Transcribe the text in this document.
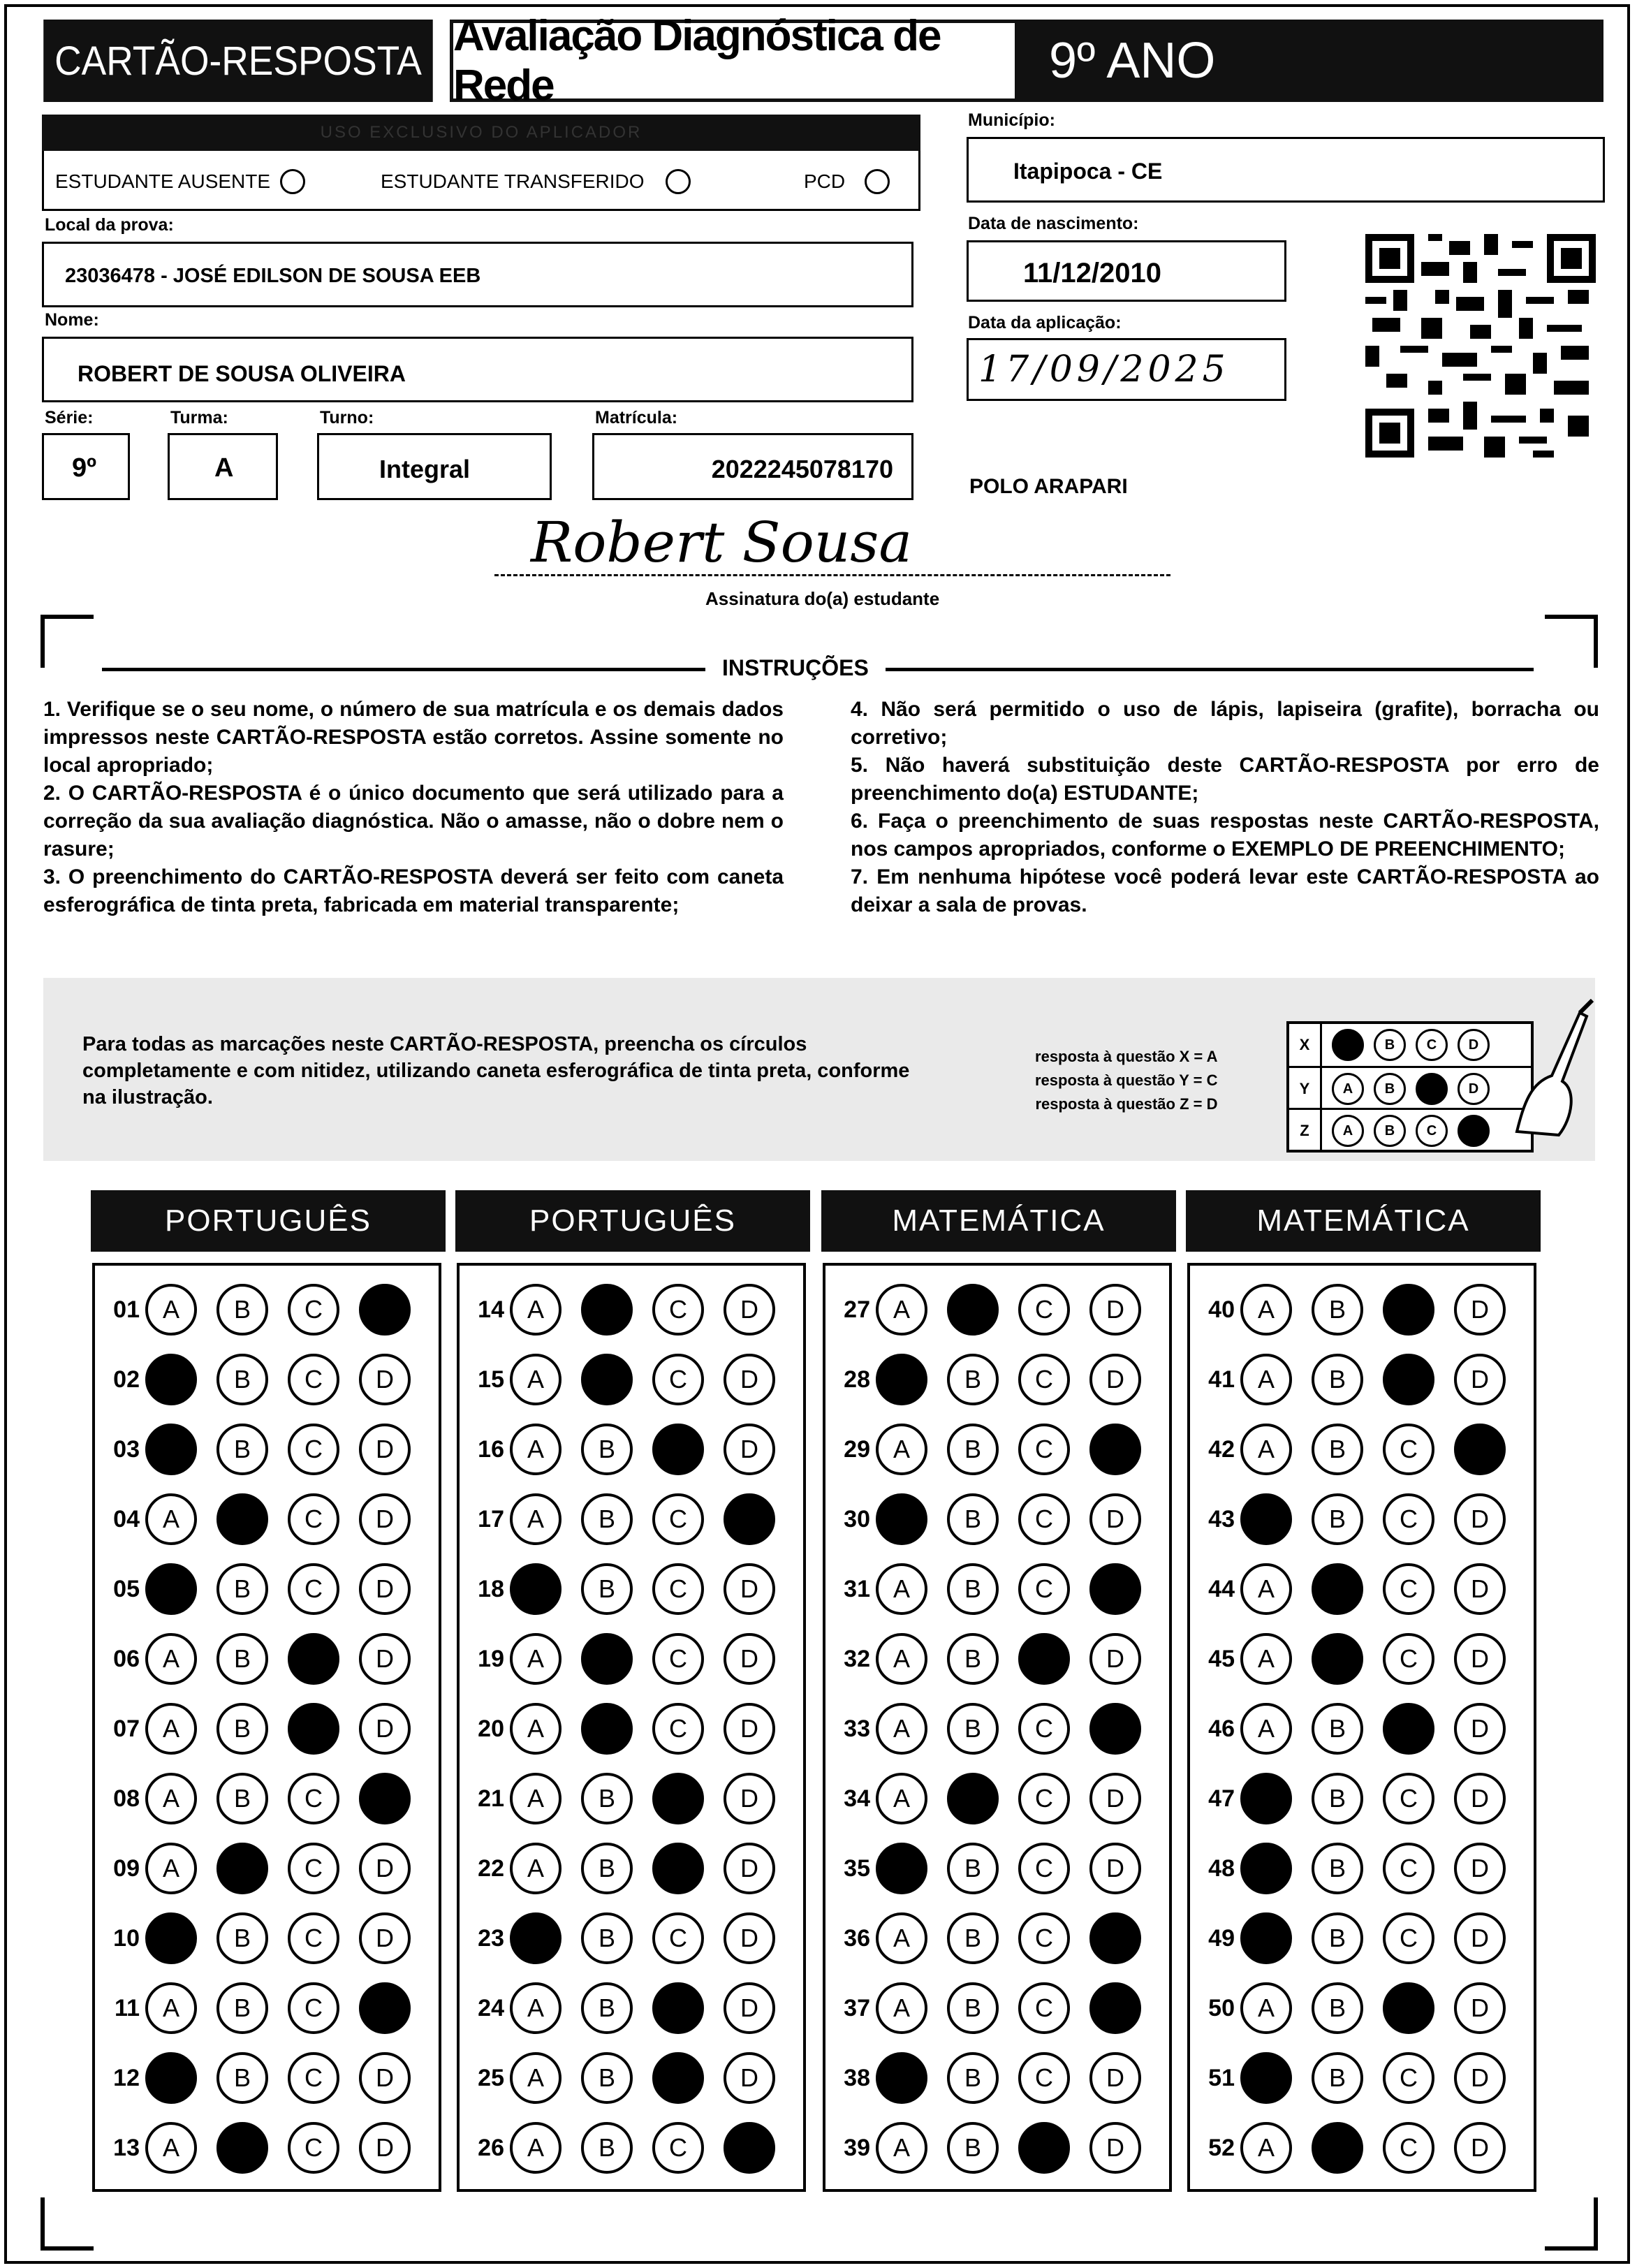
CARTÃO-RESPOSTA
Avaliação Diagnóstica de Rede	9º ANO
USO EXCLUSIVO DO APLICADOR
ESTUDANTE AUSENTE	ESTUDANTE TRANSFERIDO	PCD
Município:
Itapipoca - CE
Local da prova:
23036478 - JOSÉ EDILSON DE SOUSA EEB
Data de nascimento:
11/12/2010
Nome:
ROBERT DE SOUSA OLIVEIRA
Data da aplicação:
17/09/2025
Série:
9º
Turma:
A
Turno:
Integral
Matrícula:
2022245078170
POLO ARAPARI
Robert Sousa
Assinatura do(a) estudante
INSTRUÇÕES
1. Verifique se o seu nome, o número de sua matrícula e os demais dados impressos neste CARTÃO-RESPOSTA estão corretos. Assine somente no local apropriado;
2. O CARTÃO-RESPOSTA é o único documento que será utilizado para a correção da sua avaliação diagnóstica. Não o amasse, não o dobre nem o rasure;
3. O preenchimento do CARTÃO-RESPOSTA deverá ser feito com caneta esferográfica de tinta preta, fabricada em material transparente;
4. Não será permitido o uso de lápis, lapiseira (grafite), borracha ou corretivo;
5. Não haverá substituição deste CARTÃO-RESPOSTA por erro de preenchimento do(a) ESTUDANTE;
6. Faça o preenchimento de suas respostas neste CARTÃO-RESPOSTA, nos campos apropriados, conforme o EXEMPLO DE PREENCHIMENTO;
7. Em nenhuma hipótese você poderá levar este CARTÃO-RESPOSTA ao deixar a sala de provas.
Para todas as marcações neste CARTÃO-RESPOSTA, preencha os círculos completamente e com nitidez, utilizando caneta esferográfica de tinta preta, conforme na ilustração.
resposta à questão X = A
resposta à questão Y = C
resposta à questão Z = D
X	B	C	D
Y	A	B	D
Z	A	B	C
PORTUGUÊS
01 A	B	C
02	B	C	D
03	B	C	D
04 A	C	D
05	B	C	D
06 A	B	D
07 A	B	D
08 A	B	C
09 A	C	D
10	B	C	D
11 A	B	C
12	B	C	D
13 A	C	D
PORTUGUÊS
14 A	C	D
15 A	C	D
16 A	B	D
17 A	B	C
18	B	C	D
19 A	C	D
20 A	C	D
21 A	B	D
22 A	B	D
23	B	C	D
24 A	B	D
25 A	B	D
26 A	B	C
MATEMÁTICA
27 A	C	D
28	B	C	D
29 A	B	C
30	B	C	D
31 A	B	C
32 A	B	D
33 A	B	C
34 A	C	D
35	B	C	D
36 A	B	C
37 A	B	C
38	B	C	D
39 A	B	D
MATEMÁTICA
40 A	B	D
41 A	B	D
42 A	B	C
43	B	C	D
44 A	C	D
45 A	C	D
46 A	B	D
47	B	C	D
48	B	C	D
49	B	C	D
50 A	B	D
51	B	C	D
52 A	C	D
